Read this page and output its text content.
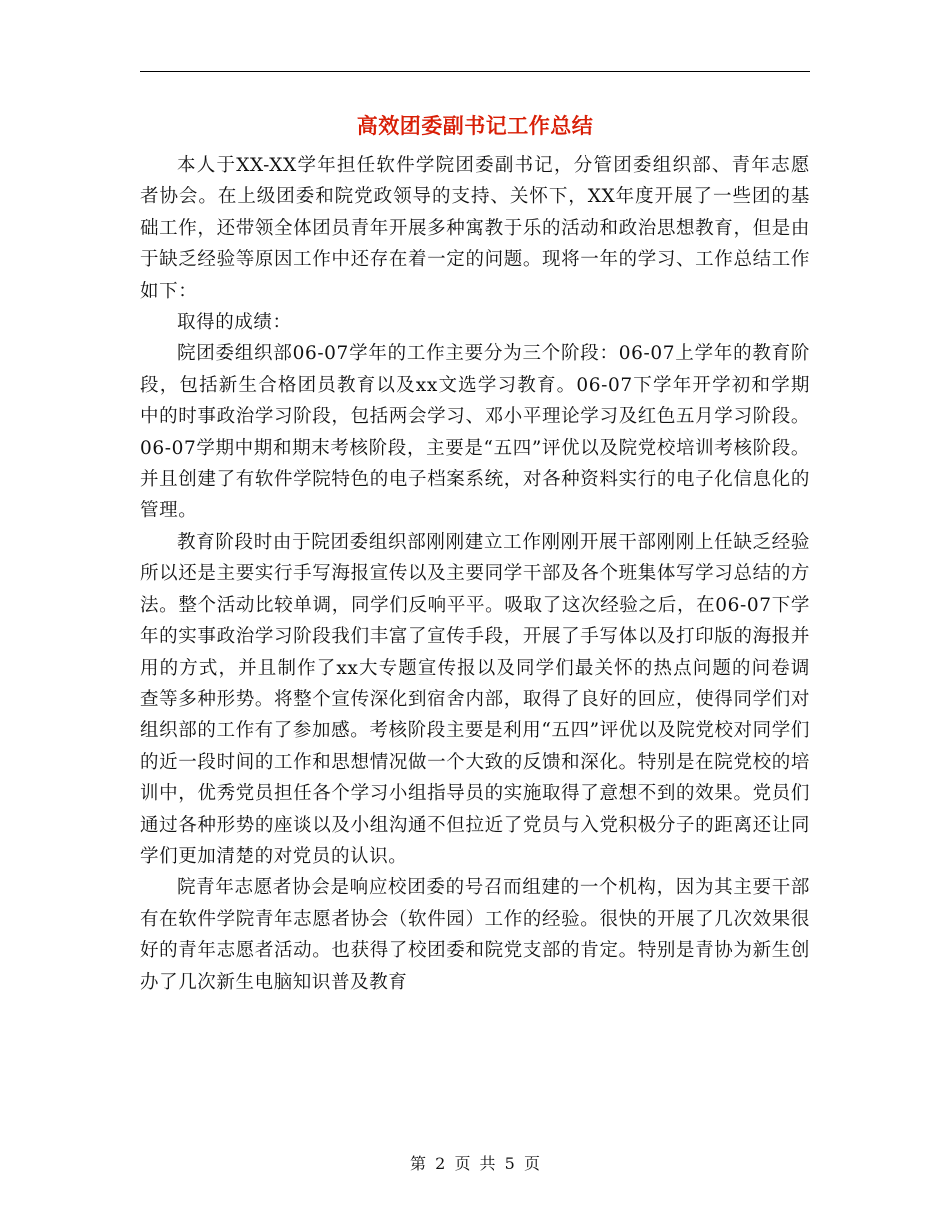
高效团委副书记工作总结

本人于XX-XX学年担任软件学院团委副书记，分管团委组织部、青年志愿者协会。在上级团委和院党政领导的支持、关怀下，XX年度开展了一些团的基础工作，还带领全体团员青年开展多种寓教于乐的活动和政治思想教育，但是由于缺乏经验等原因工作中还存在着一定的问题。现将一年的学习、工作总结工作如下：

取得的成绩：

院团委组织部06-07学年的工作主要分为三个阶段：06-07上学年的教育阶段，包括新生合格团员教育以及xx文选学习教育。06-07下学年开学初和学期中的时事政治学习阶段，包括两会学习、邓小平理论学习及红色五月学习阶段。06-07学期中期和期末考核阶段，主要是“五四”评优以及院党校培训考核阶段。并且创建了有软件学院特色的电子档案系统，对各种资料实行的电子化信息化的管理。

教育阶段时由于院团委组织部刚刚建立工作刚刚开展干部刚刚上任缺乏经验所以还是主要实行手写海报宣传以及主要同学干部及各个班集体写学习总结的方法。整个活动比较单调，同学们反响平平。吸取了这次经验之后，在06-07下学年的实事政治学习阶段我们丰富了宣传手段，开展了手写体以及打印版的海报并用的方式，并且制作了xx大专题宣传报以及同学们最关怀的热点问题的问卷调查等多种形势。将整个宣传深化到宿舍内部，取得了良好的回应，使得同学们对组织部的工作有了参加感。考核阶段主要是利用“五四”评优以及院党校对同学们的近一段时间的工作和思想情况做一个大致的反馈和深化。特别是在院党校的培训中，优秀党员担任各个学习小组指导员的实施取得了意想不到的效果。党员们通过各种形势的座谈以及小组沟通不但拉近了党员与入党积极分子的距离还让同学们更加清楚的对党员的认识。

院青年志愿者协会是响应校团委的号召而组建的一个机构，因为其主要干部有在软件学院青年志愿者协会（软件园）工作的经验。很快的开展了几次效果很好的青年志愿者活动。也获得了校团委和院党支部的肯定。特别是青协为新生创办了几次新生电脑知识普及教育

第 2 页 共 5 页
